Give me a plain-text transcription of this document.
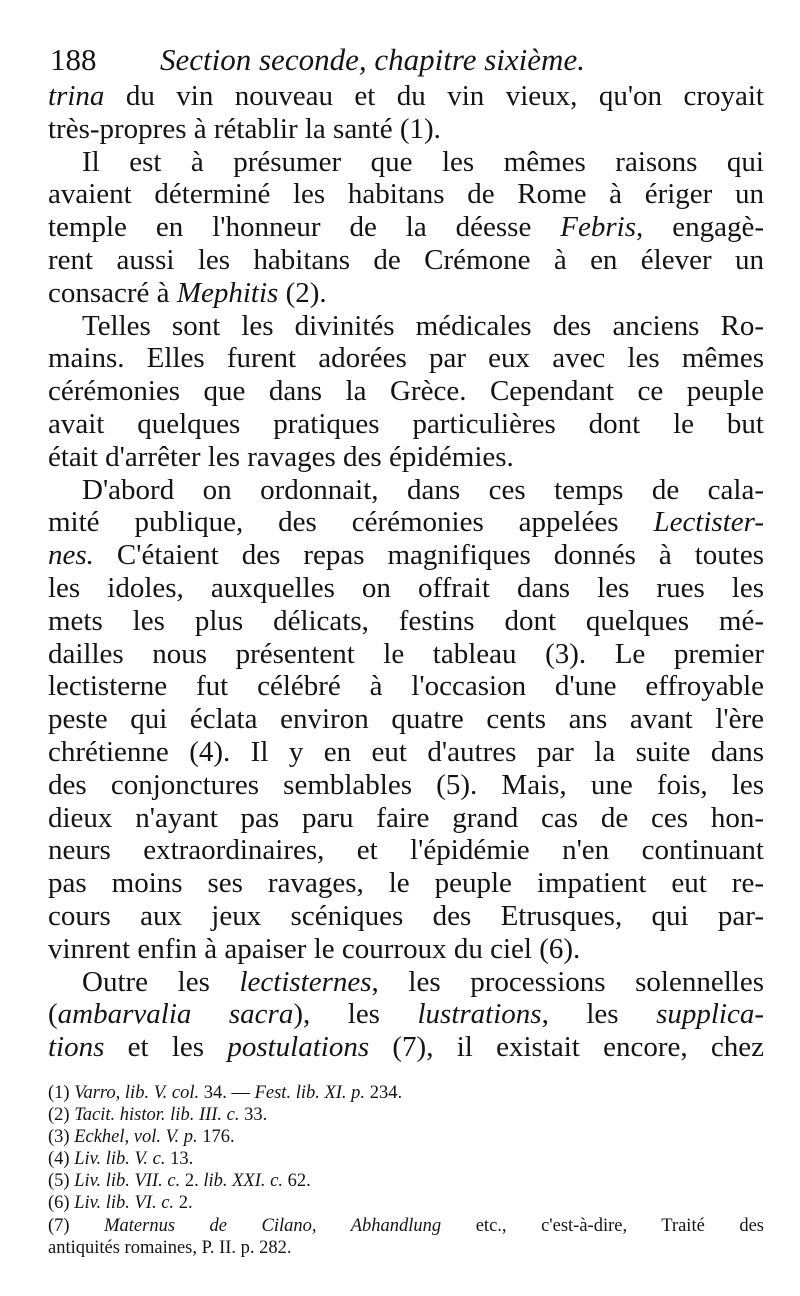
188 Section seconde, chapitre sixième.
trina du vin nouveau et du vin vieux, qu'on croyait
très-propres à rétablir la santé (1).
Il est à présumer que les mêmes raisons qui
avaient déterminé les habitans de Rome à ériger un
temple en l'honneur de la déesse Febris, engagè-
rent aussi les habitans de Crémone à en élever un
consacré à Mephitis (2).
Telles sont les divinités médicales des anciens Ro-
mains. Elles furent adorées par eux avec les mêmes
cérémonies que dans la Grèce. Cependant ce peuple
avait quelques pratiques particulières dont le but
était d'arrêter les ravages des épidémies.
D'abord on ordonnait, dans ces temps de cala-
mité publique, des cérémonies appelées Lectister-
nes. C'étaient des repas magnifiques donnés à toutes
les idoles, auxquelles on offrait dans les rues les
mets les plus délicats, festins dont quelques mé-
dailles nous présentent le tableau (3). Le premier
lectisterne fut célébré à l'occasion d'une effroyable
peste qui éclata environ quatre cents ans avant l'ère
chrétienne (4). Il y en eut d'autres par la suite dans
des conjonctures semblables (5). Mais, une fois, les
dieux n'ayant pas paru faire grand cas de ces hon-
neurs extraordinaires, et l'épidémie n'en continuant
pas moins ses ravages, le peuple impatient eut re-
cours aux jeux scéniques des Etrusques, qui par-
vinrent enfin à apaiser le courroux du ciel (6).
Outre les lectisternes, les processions solennelles
(ambarvalia sacra), les lustrations, les supplica-
tions et les postulations (7), il existait encore, chez
(1) Varro, lib. V. col. 34. — Fest. lib. XI. p. 234.
(2) Tacit. histor. lib. III. c. 33.
(3) Eckhel, vol. V. p. 176.
(4) Liv. lib. V. c. 13.
(5) Liv. lib. VII. c. 2. lib. XXI. c. 62.
(6) Liv. lib. VI. c. 2.
(7) Maternus de Cilano, Abhandlung etc., c'est-à-dire, Traité des
antiquités romaines, P. II. p. 282.
